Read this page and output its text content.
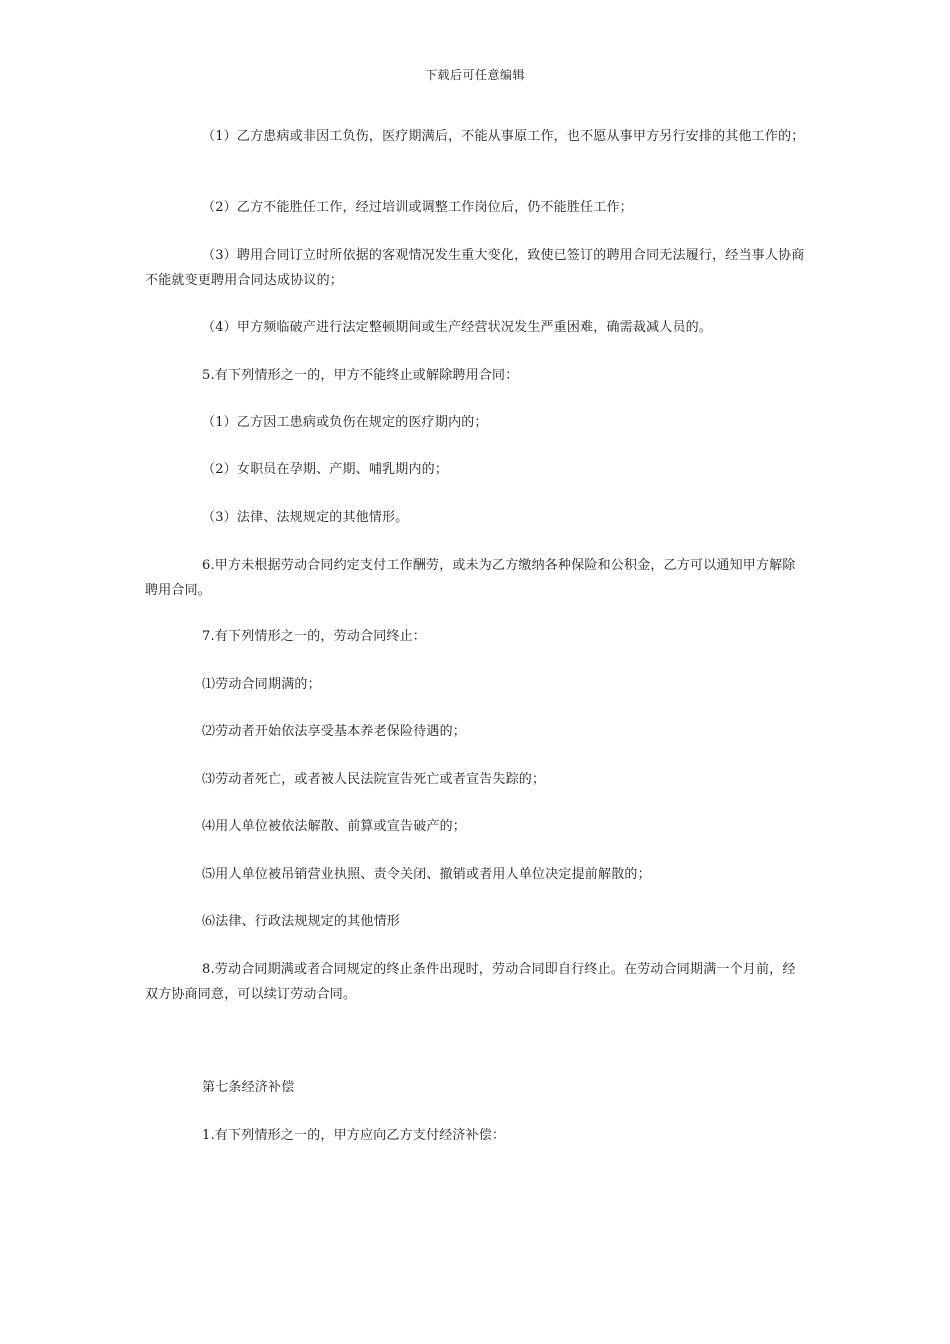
下载后可任意编辑

（1）乙方患病或非因工负伤，医疗期满后，不能从事原工作，也不愿从事甲方另行安排的其他工作的；

（2）乙方不能胜任工作，经过培训或调整工作岗位后，仍不能胜任工作；

（3）聘用合同订立时所依据的客观情况发生重大变化，致使已签订的聘用合同无法履行，经当事人协商不能就变更聘用合同达成协议的；

（4）甲方频临破产进行法定整顿期间或生产经营状况发生严重困难，确需裁减人员的。

5.有下列情形之一的，甲方不能终止或解除聘用合同：

（1）乙方因工患病或负伤在规定的医疗期内的；

（2）女职员在孕期、产期、哺乳期内的；

（3）法律、法规规定的其他情形。

6.甲方未根据劳动合同约定支付工作酬劳，或未为乙方缴纳各种保险和公积金，乙方可以通知甲方解除聘用合同。

7.有下列情形之一的，劳动合同终止：

⑴劳动合同期满的；

⑵劳动者开始依法享受基本养老保险待遇的；

⑶劳动者死亡，或者被人民法院宣告死亡或者宣告失踪的；

⑷用人单位被依法解散、前算或宣告破产的；

⑸用人单位被吊销营业执照、责令关闭、撤销或者用人单位决定提前解散的；

⑹法律、行政法规规定的其他情形

8.劳动合同期满或者合同规定的终止条件出现时，劳动合同即自行终止。在劳动合同期满一个月前，经双方协商同意，可以续订劳动合同。

第七条经济补偿

1.有下列情形之一的，甲方应向乙方支付经济补偿：
